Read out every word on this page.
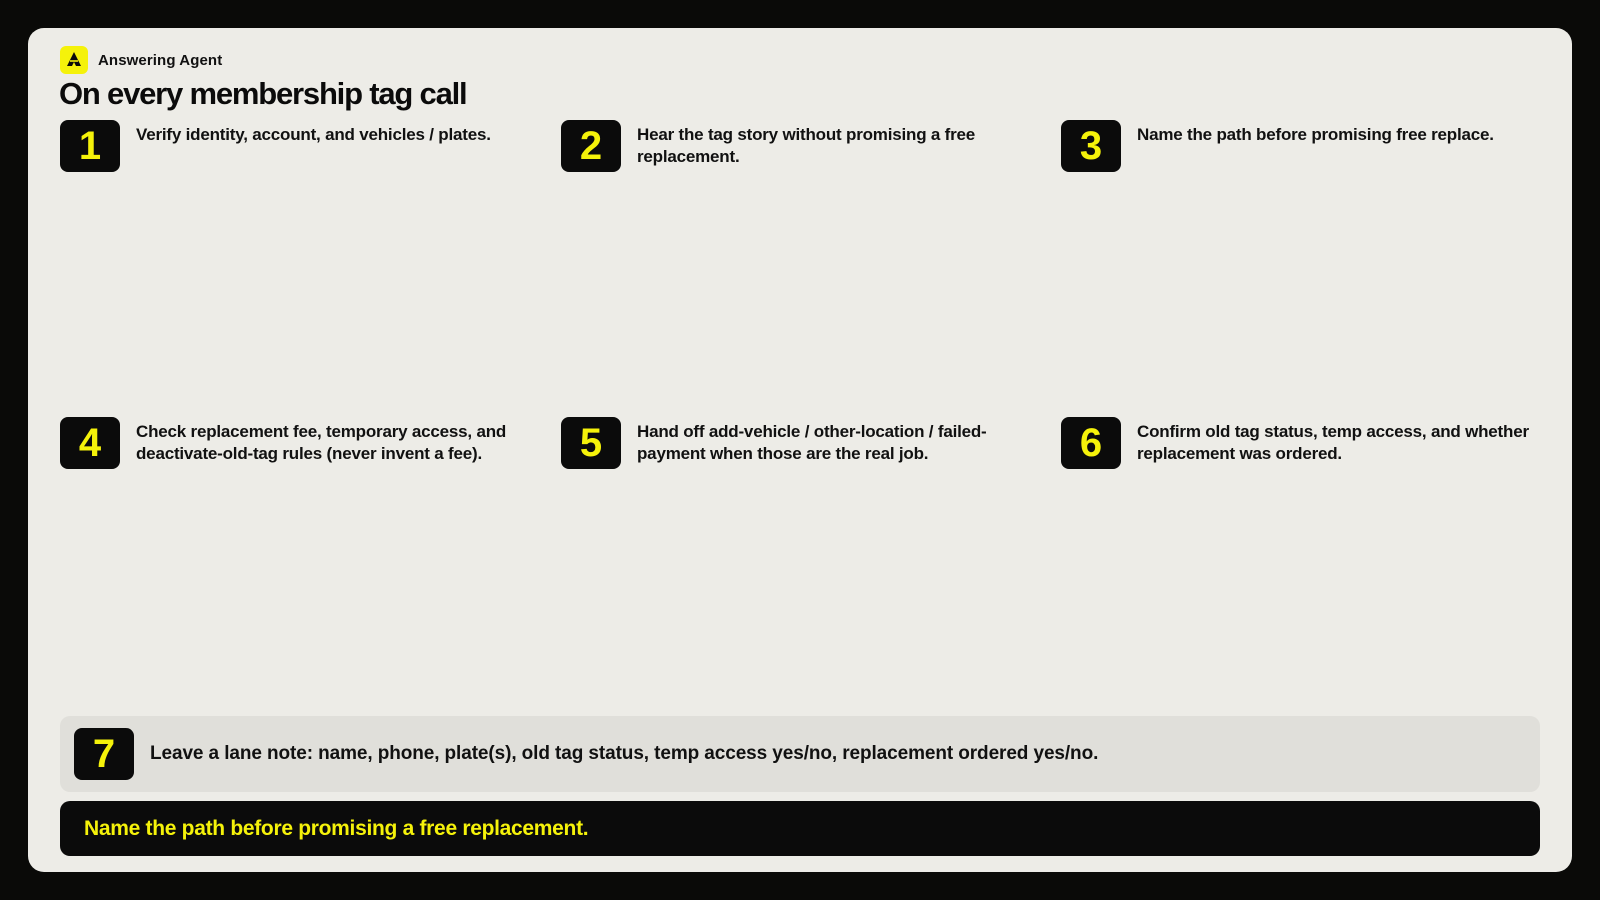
Answering Agent
On every membership tag call
1	Verify identity, account, and vehicles / plates.	2	Hear the tag story without promising a free replacement.	3	Name the path before promising free replace.
4	Check replacement fee, temporary access, and deactivate-old-tag rules (never invent a fee).	5	Hand off add-vehicle / other-location / failed-payment when those are the real job.	6	Confirm old tag status, temp access, and whether replacement was ordered.
7	Leave a lane note: name, phone, plate(s), old tag status, temp access yes/no, replacement ordered yes/no.
Name the path before promising a free replacement.
